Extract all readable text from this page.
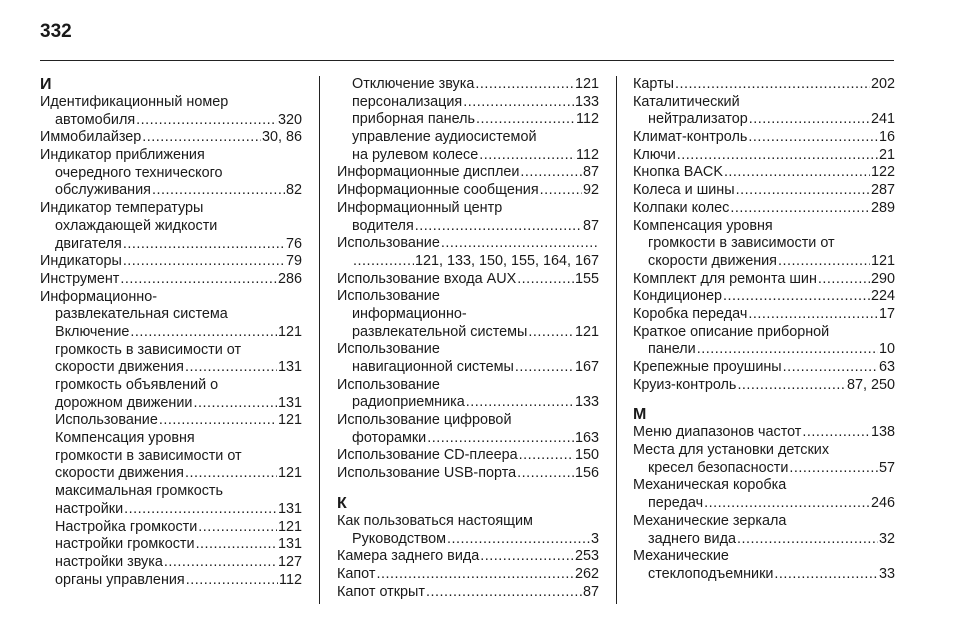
332
И
Идентификационный номер
автомобиля .....	320
Иммобилайзер .....	30, 86
Индикатор приближения
очередного технического
обслуживания .....	82
Индикатор температуры
охлаждающей жидкости
двигателя .....	76
Индикаторы .....	79
Инструмент .....	286
Информационно-
развлекательная система
Включение .....	121
громкость в зависимости от
скорости движения .....	131
громкость объявлений о
дорожном движении .....	131
Использование .....	121
Компенсация уровня
громкости в зависимости от
скорости движения .....	121
максимальная громкость
настройки .....	131
Настройка громкости .....	121
настройки громкости .....	131
настройки звука .....	127
органы управления .....	112
Отключение звука .....	121
персонализация .....	133
приборная панель .....	112
управление аудиосистемой
на рулевом колесе .....	112
Информационные дисплеи .....	87
Информационные сообщения .....	92
Информационный центр
водителя .....	87
Использование
.....
.....
121, 133, 150, 155, 164, 167
Использование входа AUX .....	155
Использование
информационно-
развлекательной системы .....	121
Использование
навигационной системы .....	167
Использование
радиоприемника .....	133
Использование цифровой
фоторамки .....	163
Использование CD-плеера .....	150
Использование USB-порта .....	156
К
Как пользоваться настоящим
Руководством .....	3
Камера заднего вида .....	253
Капот .....	262
Капот открыт .....	87
Карты .....	202
Каталитический
нейтрализатор .....	241
Климат-контроль .....	16
Ключи .....	21
Кнопка BACK .....	122
Колеса и шины .....	287
Колпаки колес .....	289
Компенсация уровня
громкости в зависимости от
скорости движения .....	121
Комплект для ремонта шин .....	290
Кондиционер .....	224
Коробка передач .....	17
Краткое описание приборной
панели .....	10
Крепежные проушины .....	63
Круиз-контроль .....	87, 250
М
Меню диапазонов частот .....	138
Места для установки детских
кресел безопасности .....	57
Механическая коробка
передач .....	246
Механические зеркала
заднего вида .....	32
Механические
стеклоподъемники .....	33
